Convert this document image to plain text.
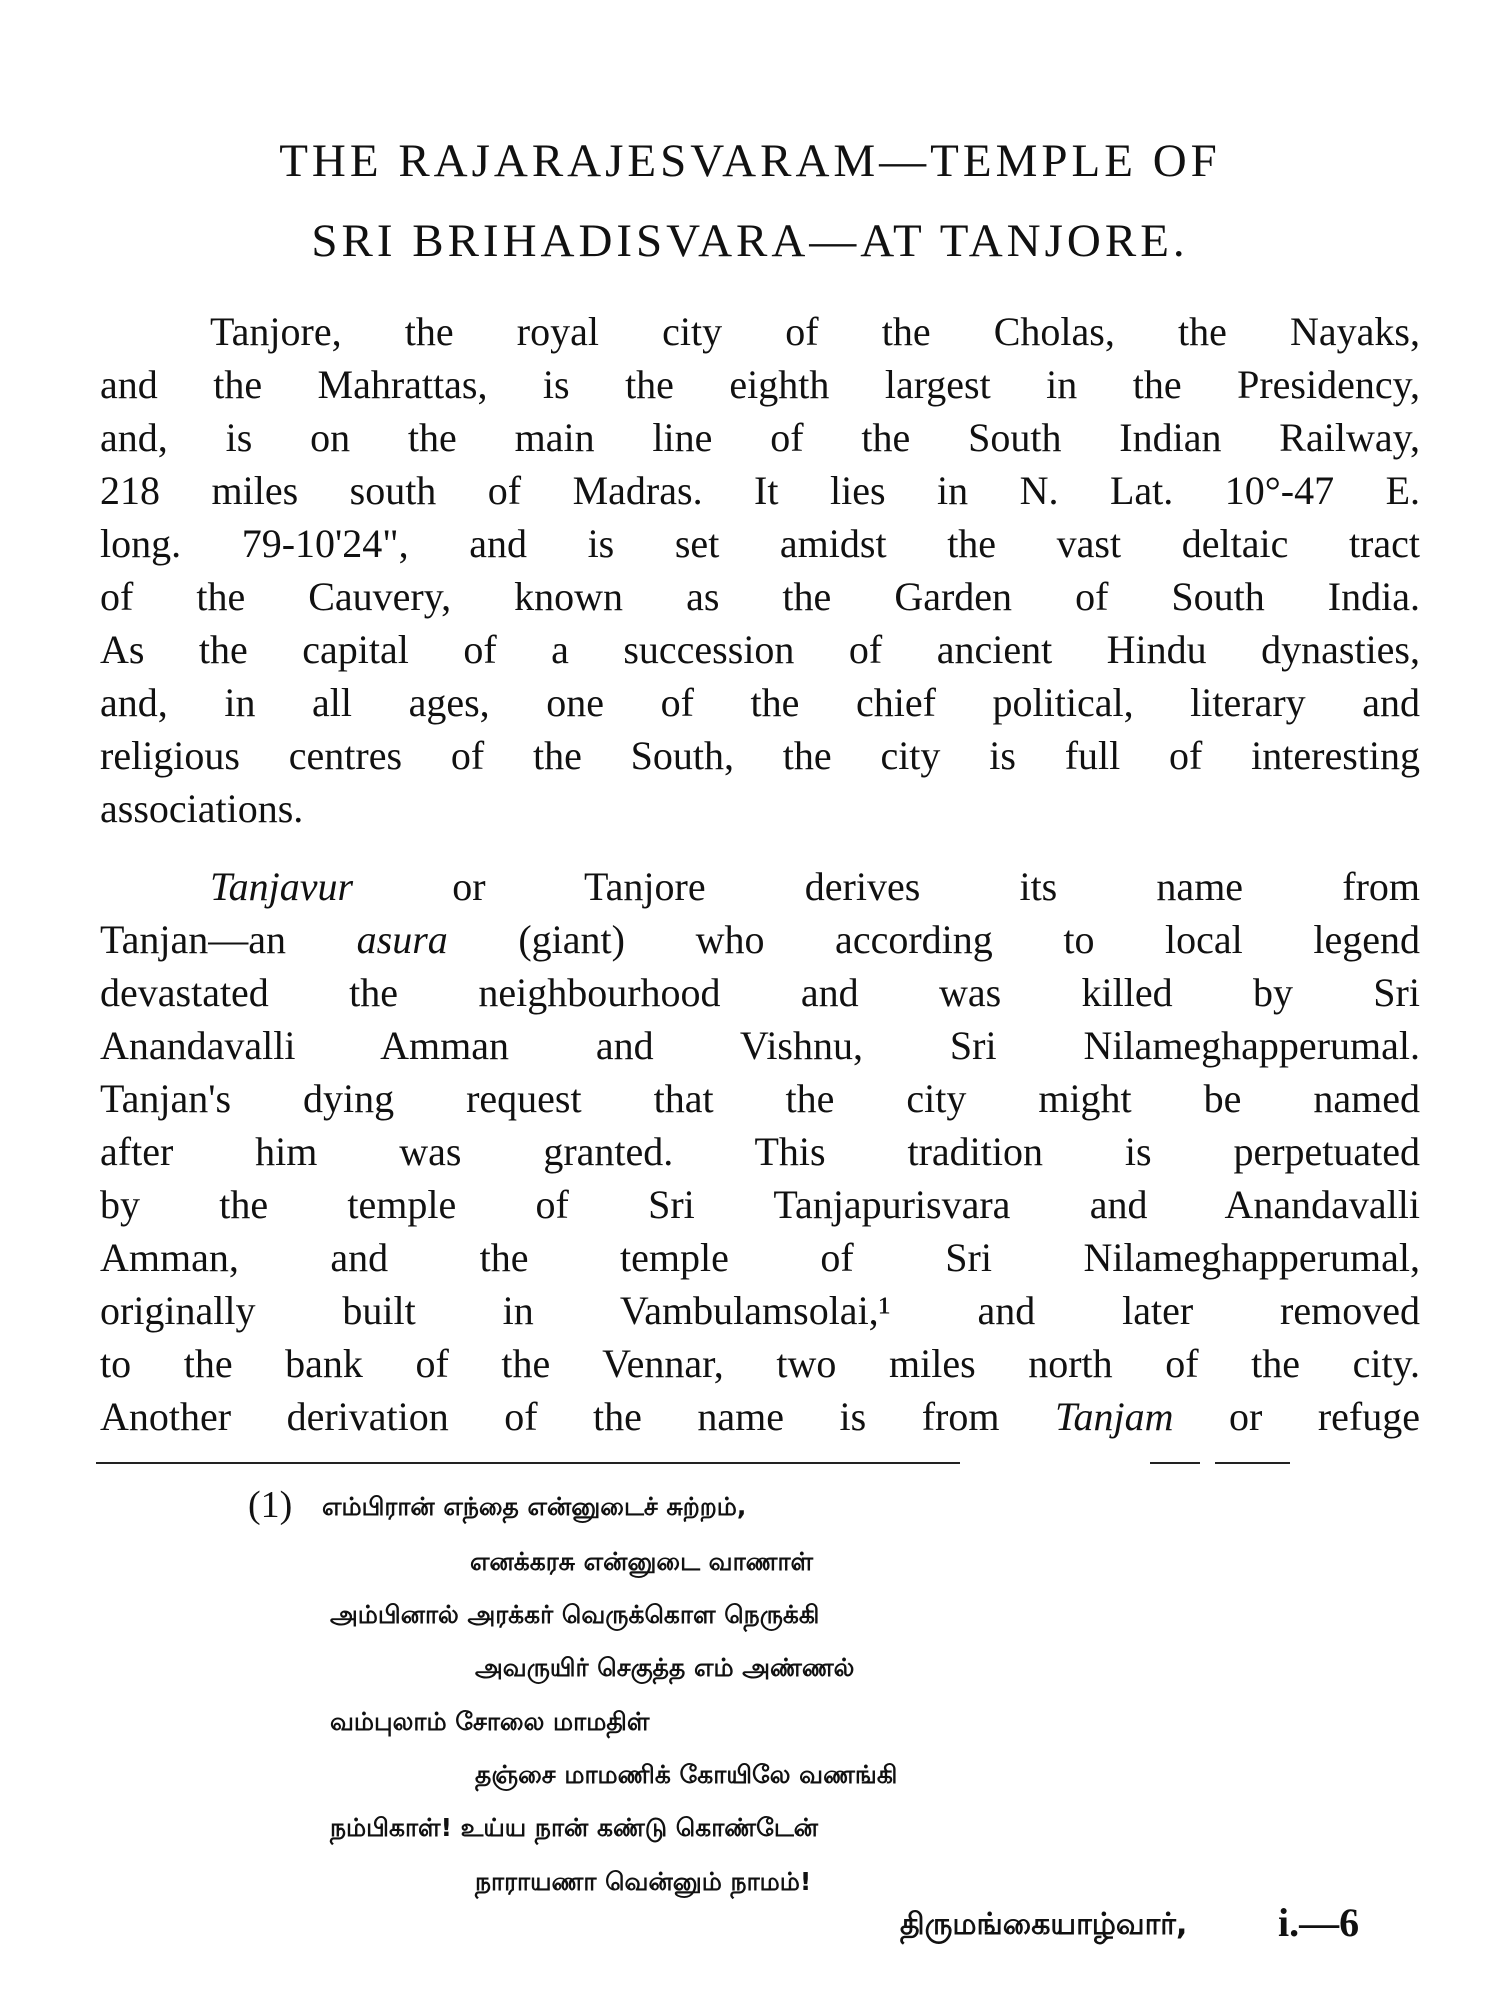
THE RAJARAJESVARAM—TEMPLE OF
SRI BRIHADISVARA—AT TANJORE.
Tanjore, the royal city of the Cholas, the Nayaks,
and the Mahrattas, is the eighth largest in the Presidency,
and, is on the main line of the South Indian Railway,
218 miles south of Madras. It lies in N. Lat. 10°-47 E.
long. 79-10'24", and is set amidst the vast deltaic tract
of the Cauvery, known as the Garden of South India.
As the capital of a succession of ancient Hindu dynasties,
and, in all ages, one of the chief political, literary and
religious centres of the South, the city is full of interesting
associations.
Tanjavur or Tanjore derives its name from
Tanjan—an asura (giant) who according to local legend
devastated the neighbourhood and was killed by Sri
Anandavalli Amman and Vishnu, Sri Nilameghapperumal.
Tanjan's dying request that the city might be named
after him was granted. This tradition is perpetuated
by the temple of Sri Tanjapurisvara and Anandavalli
Amman, and the temple of Sri Nilameghapperumal,
originally built in Vambulamsolai,¹ and later removed
to the bank of the Vennar, two miles north of the city.
Another derivation of the name is from Tanjam or refuge
(1) எம்பிரான் எந்தை என்னுடைச் சுற்றம்,
எனக்கரசு என்னுடை வாணாள்
அம்பினால் அரக்கர் வெருக்கொள நெருக்கி
அவருயிர் செகுத்த எம் அண்ணல்
வம்புலாம் சோலை மாமதிள்
தஞ்சை மாமணிக் கோயிலே வணங்கி
நம்பிகாள்! உய்ய நான் கண்டு கொண்டேன்
நாராயணா வென்னும் நாமம்!
திருமங்கையாழ்வார், i.—6
